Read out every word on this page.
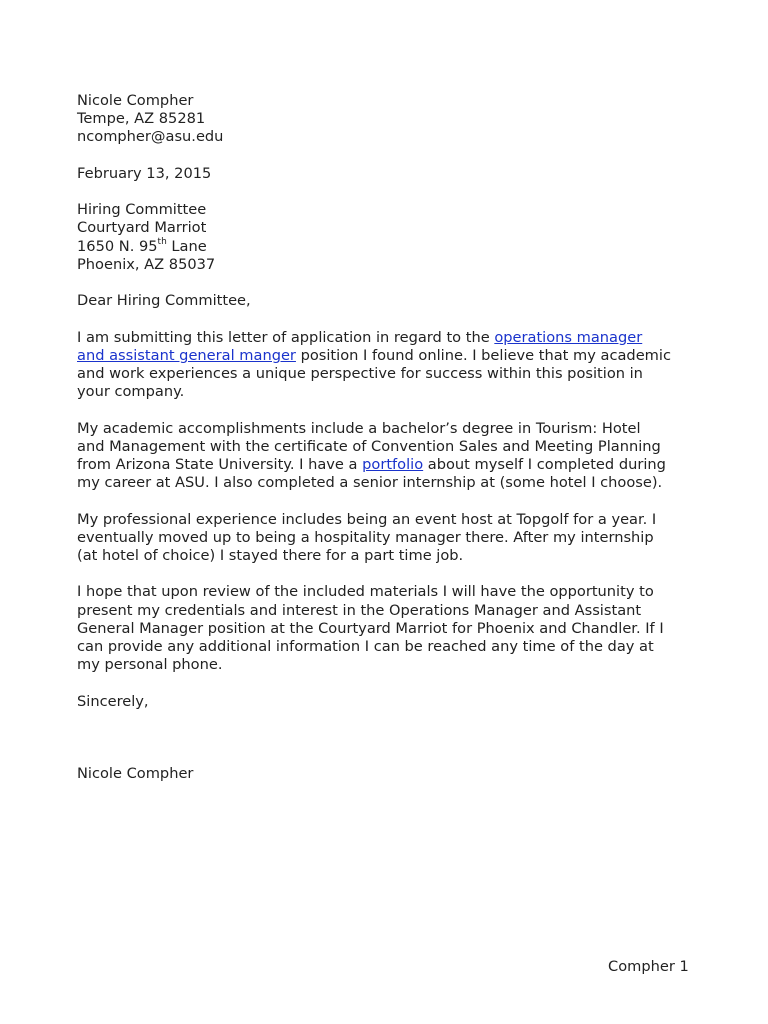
Nicole Compher
Tempe, AZ 85281
ncompher@asu.edu
February 13, 2015
Hiring Committee
Courtyard Marriot
1650 N. 95th Lane
Phoenix, AZ 85037
Dear Hiring Committee,
I am submitting this letter of application in regard to the operations manager
and assistant general manger position I found online. I believe that my academic
and work experiences a unique perspective for success within this position in
your company.
My academic accomplishments include a bachelor’s degree in Tourism: Hotel
and Management with the certificate of Convention Sales and Meeting Planning
from Arizona State University. I have a portfolio about myself I completed during
my career at ASU. I also completed a senior internship at (some hotel I choose).
My professional experience includes being an event host at Topgolf for a year. I
eventually moved up to being a hospitality manager there. After my internship
(at hotel of choice) I stayed there for a part time job.
I hope that upon review of the included materials I will have the opportunity to
present my credentials and interest in the Operations Manager and Assistant
General Manager position at the Courtyard Marriot for Phoenix and Chandler. If I
can provide any additional information I can be reached any time of the day at
my personal phone.
Sincerely,
Nicole Compher
Compher 1
